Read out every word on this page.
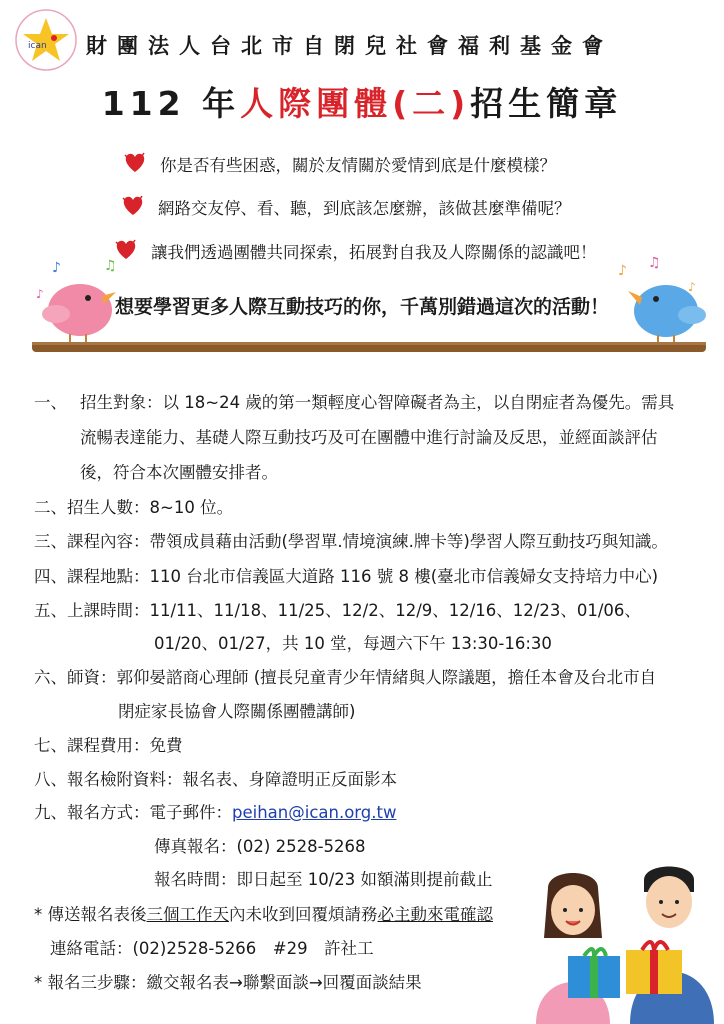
ican 財團法人台北市自閉兒社會福利基金會
112 年人際團體(二)招生簡章
你是否有些困惑，關於友情關於愛情到底是什麼模樣？
網路交友停、看、聽，到底該怎麼辦，該做甚麼準備呢？
讓我們透過團體共同探索，拓展對自我及人際關係的認識吧！
♪
♪
♫	♪ ♫
♪
想要學習更多人際互動技巧的你，千萬別錯過這次的活動！
一、 招生對象：以 18~24 歲的第一類輕度心智障礙者為主，以自閉症者為優先。需具
流暢表達能力、基礎人際互動技巧及可在團體中進行討論及反思，並經面談評估
後，符合本次團體安排者。
二、招生人數：8~10 位。
三、課程內容：帶領成員藉由活動(學習單.情境演練.牌卡等)學習人際互動技巧與知識。
四、課程地點：110 台北市信義區大道路 116 號 8 樓(臺北市信義婦女支持培力中心)
五、上課時間：11/11、11/18、11/25、12/2、12/9、12/16、12/23、01/06、
01/20、01/27，共 10 堂，每週六下午 13:30-16:30
六、師資：郭仰晏諮商心理師 (擅長兒童青少年情緒與人際議題，擔任本會及台北市自
閉症家長協會人際關係團體講師)
七、課程費用：免費
八、報名檢附資料：報名表、身障證明正反面影本
九、報名方式：電子郵件：peihan@ican.org.tw
傳真報名：(02) 2528-5268
報名時間：即日起至 10/23 如額滿則提前截止
* 傳送報名表後三個工作天內未收到回覆煩請務必主動來電確認
連絡電話：(02)2528-5266　#29　許社工
* 報名三步驟：繳交報名表→聯繫面談→回覆面談結果
